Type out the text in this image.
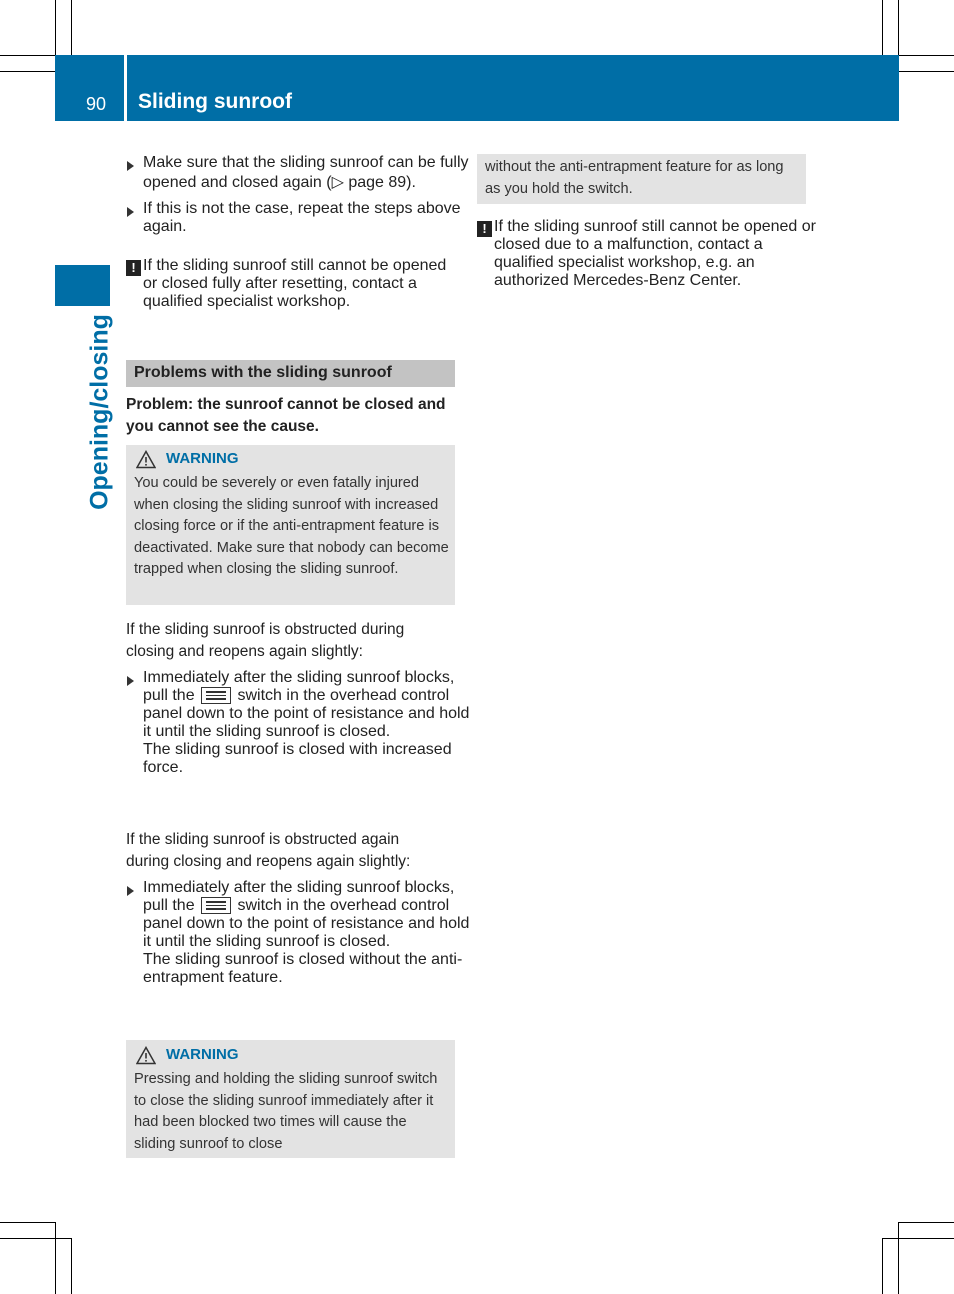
90 Sliding sunroof
Opening/closing
Make sure that the sliding sunroof can be fully opened and closed again (▷ page 89).
If this is not the case, repeat the steps above again.
! If the sliding sunroof still cannot be opened or closed fully after resetting, contact a qualified specialist workshop.
Problems with the sliding sunroof
Problem: the sunroof cannot be closed and you cannot see the cause.
WARNING
You could be severely or even fatally injured when closing the sliding sunroof with increased closing force or if the anti-entrapment feature is deactivated. Make sure that nobody can become trapped when closing the sliding sunroof.
If the sliding sunroof is obstructed during closing and reopens again slightly:
Immediately after the sliding sunroof blocks, pull the	switch in the overhead control panel down to the point of resistance and hold it until the sliding sunroof is closed.
The sliding sunroof is closed with increased force.
If the sliding sunroof is obstructed again during closing and reopens again slightly:
Immediately after the sliding sunroof blocks, pull the	switch in the overhead control panel down to the point of resistance and hold it until the sliding sunroof is closed.
The sliding sunroof is closed without the anti-entrapment feature.
WARNING
Pressing and holding the sliding sunroof switch to close the sliding sunroof immediately after it had been blocked two times will cause the sliding sunroof to close
without the anti-entrapment feature for as long as you hold the switch.
! If the sliding sunroof still cannot be opened or closed due to a malfunction, contact a qualified specialist workshop, e.g. an authorized Mercedes-Benz Center.
